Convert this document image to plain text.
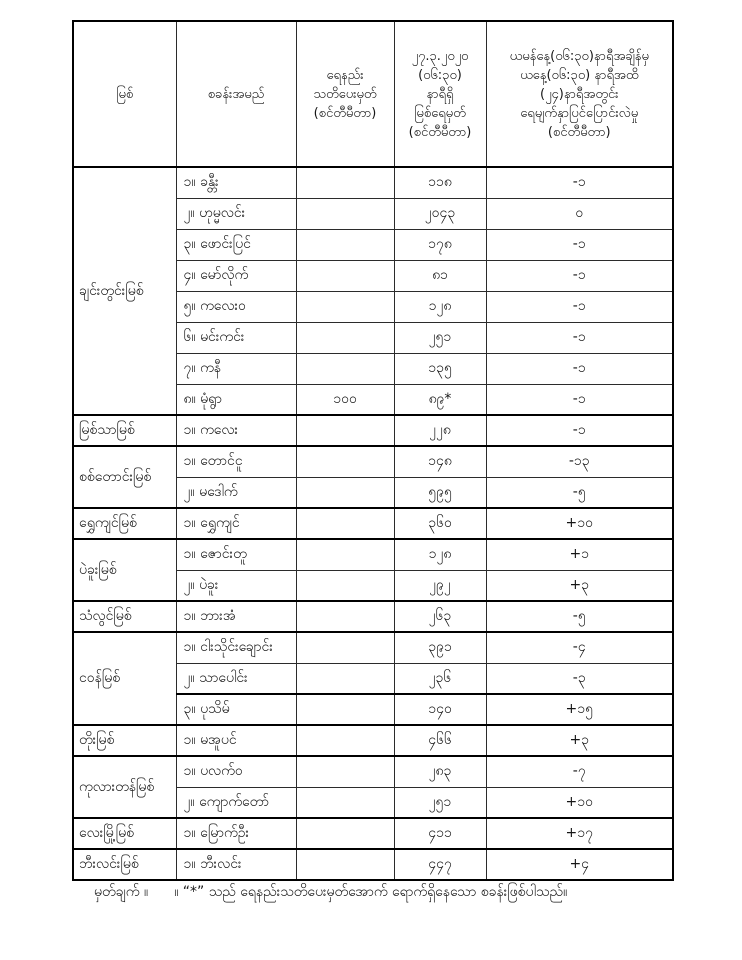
မြစ်	စခန်းအမည်	ရေနည်း
သတိပေးမှတ်
(စင်တီမီတာ)	၂၇.၃.၂၀၂၀
(၀၆:၃၀)
နာရီရှိ
မြစ်ရေမှတ်
(စင်တီမီတာ)	ယမန်နေ့(၀၆:၃၀)နာရီအချိန်မှ
ယနေ့(၀၆:၃၀) နာရီအထိ
(၂၄)နာရီအတွင်း
ရေမျက်နှာပြင်ပြောင်းလဲမှု
(စင်တီမီတာ)

ချင်းတွင်းမြစ်	၁။ ခန္တီး		၁၁၈	-၁
	၂။ ဟုမ္မလင်း		၂၀၄၃	၀
	၃။ ဖောင်းပြင်		၁၇၈	-၁
	၄။ မော်လိုက်		၈၁	-၁
	၅။ ကလေးဝ		၁၂၈	-၁
	၆။ မင်းကင်း		၂၅၁	-၁
	၇။ ကနီ		၁၃၅	-၁
	၈။ မုံရွာ	၁၀၀	၈၉*	-၁
မြစ်သာမြစ်	၁။ ကလေး		၂၂၈	-၁
စစ်တောင်းမြစ်	၁။ တောင်ငူ		၁၄၈	-၁၃
	၂။ မဒေါက်		၅၉၅	-၅
ရွှေကျင်မြစ်	၁။ ရွှေကျင်		၃၆၀	+၁၀
ပဲခူးမြစ်	၁။ ဇောင်းတူ		၁၂၈	+၁
	၂။ ပဲခူး		၂၉၂	+၃
သံလွင်မြစ်	၁။ ဘားအံ		၂၆၃	-၅
ငဝန်မြစ်	၁။ ငါးသိုင်းချောင်း		၃၉၁	-၄
	၂။ သာပေါင်း		၂၃၆	-၃
	၃။ ပုသိမ်		၁၄၀	+၁၅
တိုးမြစ်	၁။ မအူပင်		၄၆၆	+၃
ကုလားတန်မြစ်	၁။ ပလက်ဝ		၂၈၃	-၇
	၂။ ကျောက်တော်		၂၅၁	+၁၀
လေးမြို့မြစ်	၁။ မြောက်ဦး		၄၁၁	+၁၇
ဘီးလင်းမြစ်	၁။ ဘီးလင်း		၄၄၇	+၄
မှတ်ချက် ။ ။ “*” သည် ရေနည်းသတိပေးမှတ်အောက် ရောက်ရှိနေသော စခန်းဖြစ်ပါသည်။
